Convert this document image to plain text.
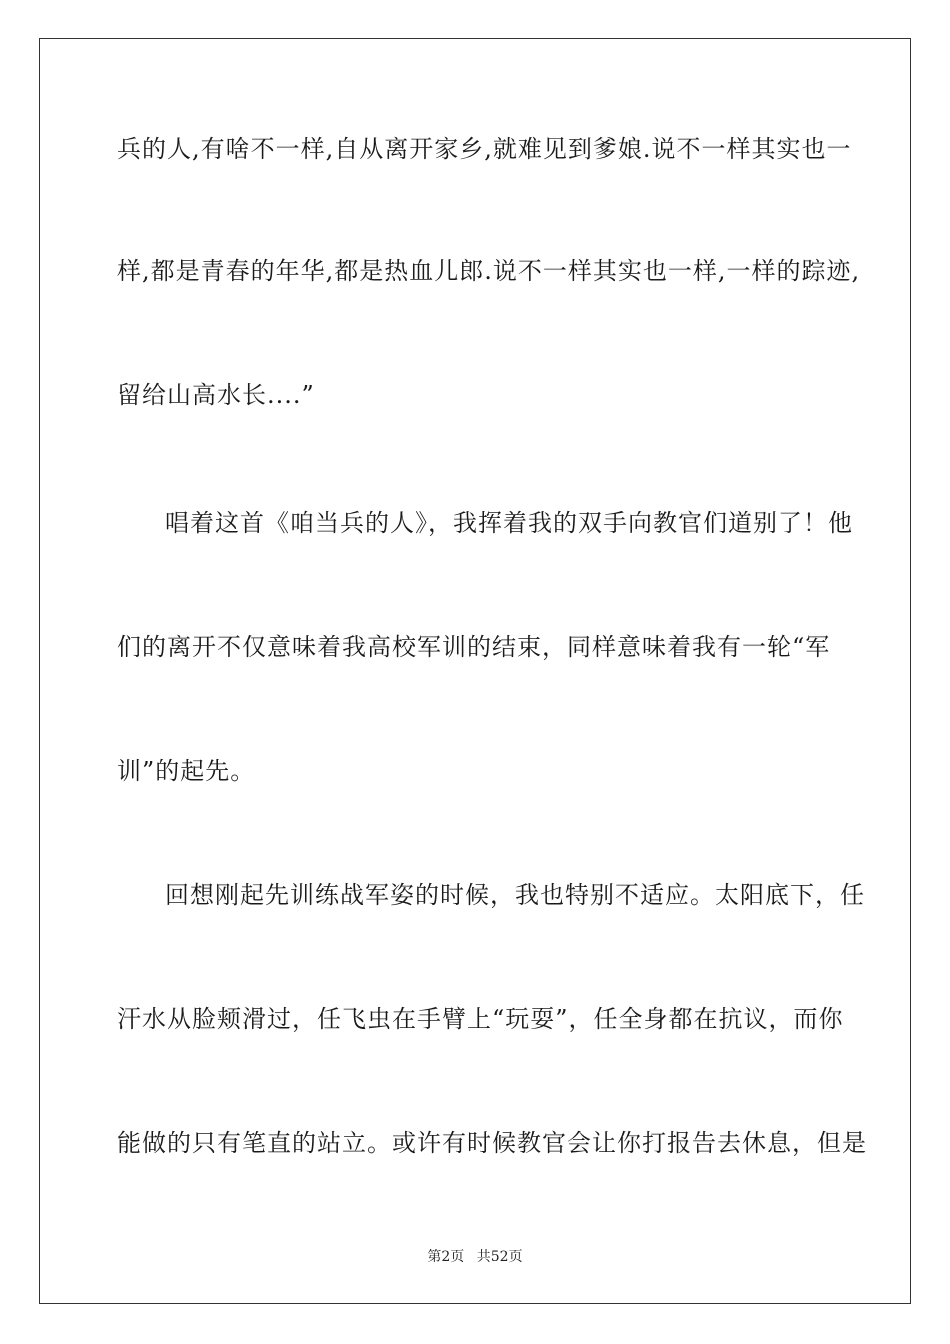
兵的人,有啥不一样,自从离开家乡,就难见到爹娘.说不一样其实也一
样,都是青春的年华,都是热血儿郎.说不一样其实也一样,一样的踪迹,
留给山高水长....”
唱着这首《咱当兵的人》，我挥着我的双手向教官们道别了！他
们的离开不仅意味着我高校军训的结束，同样意味着我有一轮“军
训”的起先。
回想刚起先训练战军姿的时候，我也特别不适应。太阳底下，任
汗水从脸颊滑过，任飞虫在手臂上“玩耍”，任全身都在抗议，而你
能做的只有笔直的站立。或许有时候教官会让你打报告去休息，但是
第2页 共52页
